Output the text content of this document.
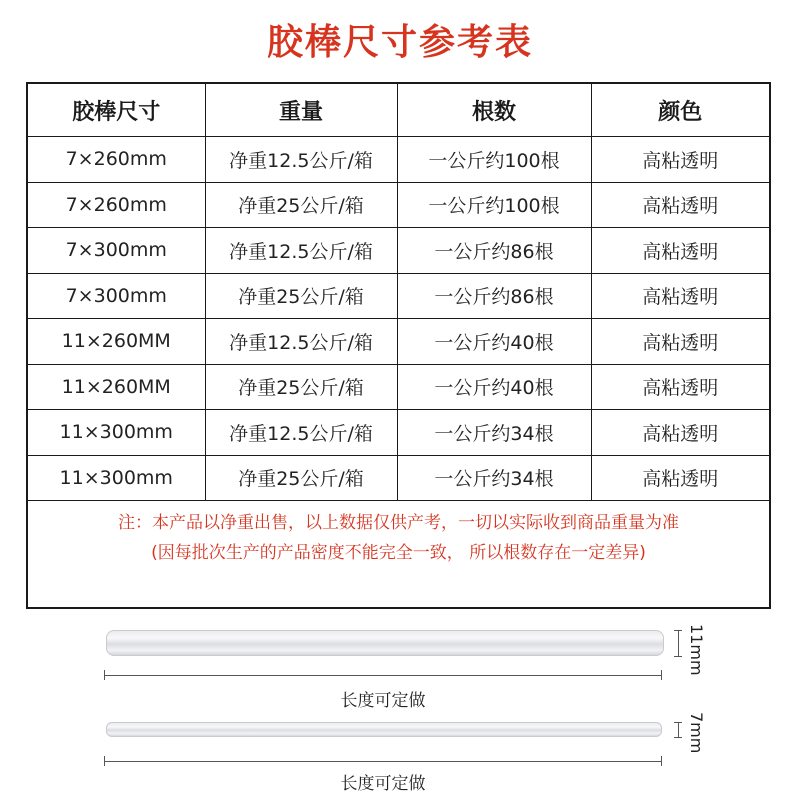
胶棒尺寸参考表
胶棒尺寸	重量	根数	颜色
7×260mm	净重12.5公斤/箱	一公斤约100根	高粘透明
7×260mm	净重25公斤/箱	一公斤约100根	高粘透明
7×300mm	净重12.5公斤/箱	一公斤约86根	高粘透明
7×300mm	净重25公斤/箱	一公斤约86根	高粘透明
11×260MM	净重12.5公斤/箱	一公斤约40根	高粘透明
11×260MM	净重25公斤/箱	一公斤约40根	高粘透明
11×300mm	净重12.5公斤/箱	一公斤约34根	高粘透明
11×300mm	净重25公斤/箱	一公斤约34根	高粘透明
注：本产品以净重出售，以上数据仅供产考，一切以实际收到商品重量为准
(因每批次生产的产品密度不能完全一致， 所以根数存在一定差异)
11mm
长度可定做
7mm
长度可定做
